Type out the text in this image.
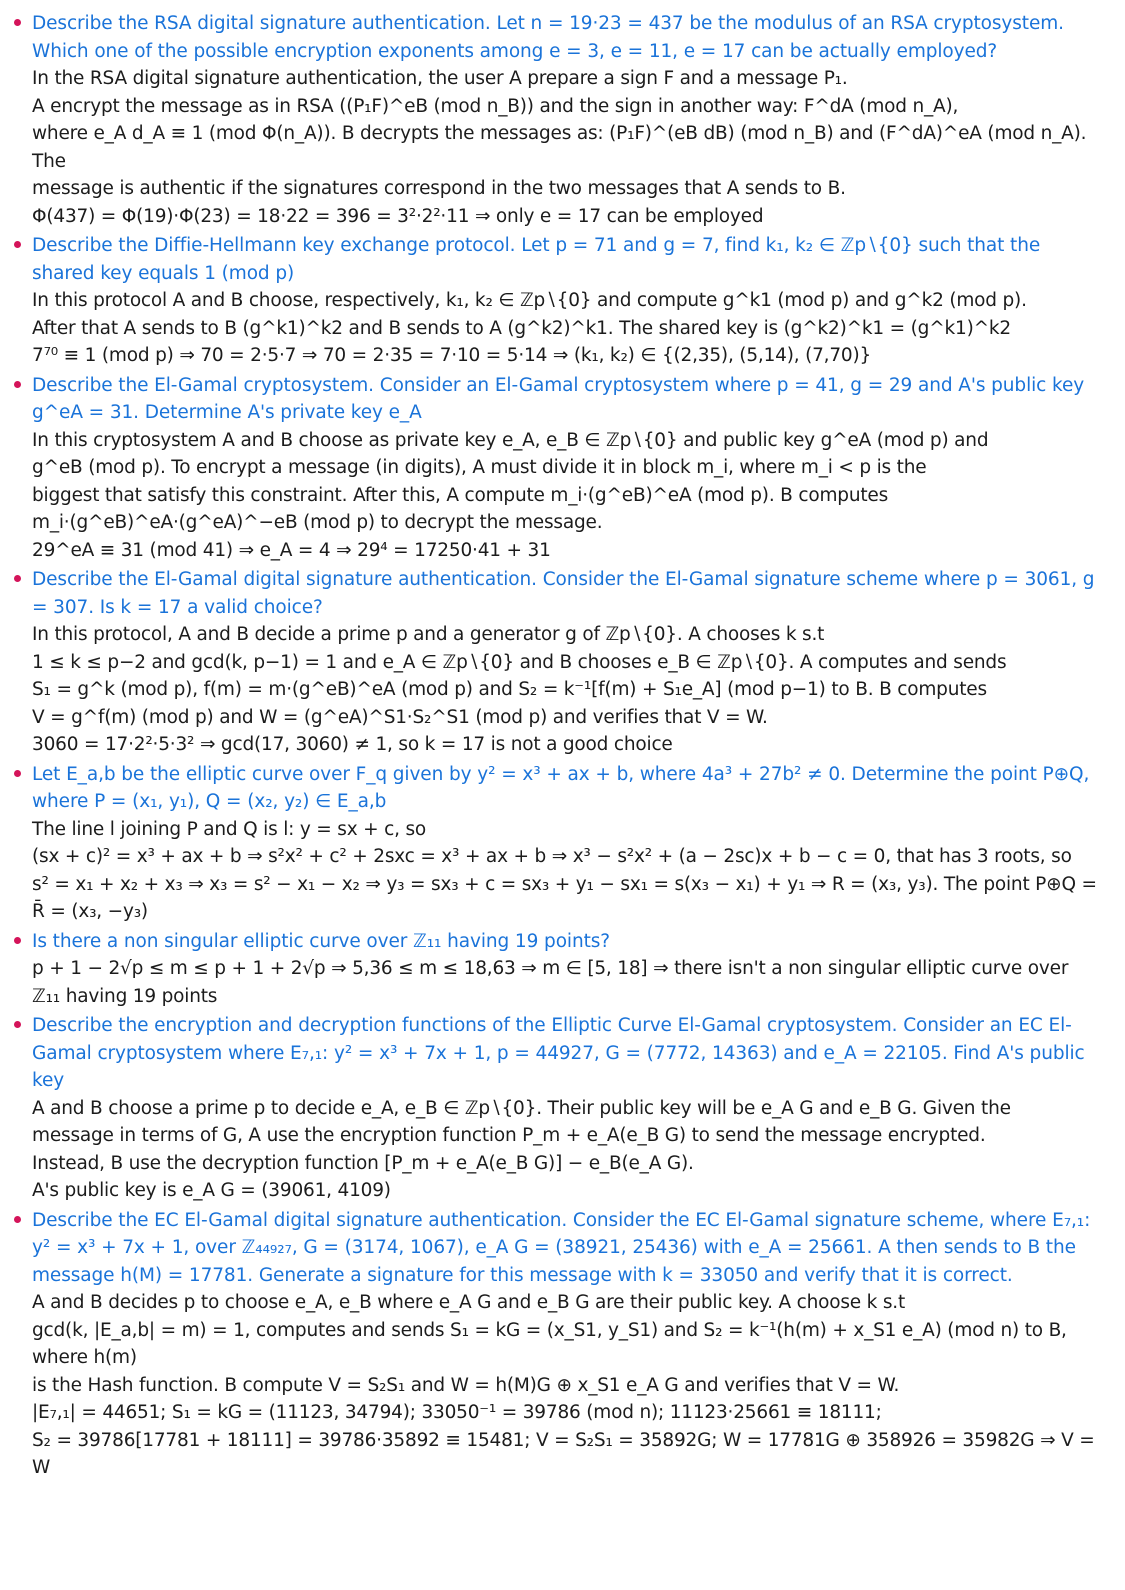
Describe the RSA digital signature authentication. Let n = 19·23 = 437 be the modulus of an RSA cryptosystem. Which one of the possible encryption exponents among e = 3, e = 11, e = 17 can be actually employed?

In the RSA digital signature authentication, the user A prepare a sign F and a message P₁.
A encrypt the message as in RSA ((P₁F)^eB (mod n_B)) and the sign in another way: F^dA (mod n_A),
where e_A d_A ≡ 1 (mod Φ(n_A)). B decrypts the messages as: (P₁F)^(eB dB) (mod n_B) and (F^dA)^eA (mod n_A). The
message is authentic if the signatures correspond in the two messages that A sends to B.
Φ(437) = Φ(19)·Φ(23) = 18·22 = 396 = 3²·2²·11 ⇒ only e = 17 can be employed

Describe the Diffie-Hellmann key exchange protocol. Let p = 71 and g = 7, find k₁, k₂ ∈ ℤp∖{0} such that the shared key equals 1 (mod p)

In this protocol A and B choose, respectively, k₁, k₂ ∈ ℤp∖{0} and compute g^k1 (mod p) and g^k2 (mod p).
After that A sends to B (g^k1)^k2 and B sends to A (g^k2)^k1. The shared key is (g^k2)^k1 = (g^k1)^k2
7⁷⁰ ≡ 1 (mod p) ⇒ 70 = 2·5·7 ⇒ 70 = 2·35 = 7·10 = 5·14 ⇒ (k₁, k₂) ∈ {(2,35), (5,14), (7,70)}

Describe the El-Gamal cryptosystem. Consider an El-Gamal cryptosystem where p = 41, g = 29 and A's public key g^eA = 31. Determine A's private key e_A

In this cryptosystem A and B choose as private key e_A, e_B ∈ ℤp∖{0} and public key g^eA (mod p) and
g^eB (mod p). To encrypt a message (in digits), A must divide it in block m_i, where m_i < p is the
biggest that satisfy this constraint. After this, A compute m_i·(g^eB)^eA (mod p). B computes
m_i·(g^eB)^eA·(g^eA)^−eB (mod p) to decrypt the message.
29^eA ≡ 31 (mod 41) ⇒ e_A = 4 ⇒ 29⁴ = 17250·41 + 31

Describe the El-Gamal digital signature authentication. Consider the El-Gamal signature scheme where p = 3061, g = 307. Is k = 17 a valid choice?

In this protocol, A and B decide a prime p and a generator g of ℤp∖{0}. A chooses k s.t
1 ≤ k ≤ p−2 and gcd(k, p−1) = 1 and e_A ∈ ℤp∖{0} and B chooses e_B ∈ ℤp∖{0}. A computes and sends
S₁ = g^k (mod p), f(m) = m·(g^eB)^eA (mod p) and S₂ = k⁻¹[f(m) + S₁e_A] (mod p−1) to B. B computes
V = g^f(m) (mod p) and W = (g^eA)^S1·S₂^S1 (mod p) and verifies that V = W.
3060 = 17·2²·5·3² ⇒ gcd(17, 3060) ≠ 1, so k = 17 is not a good choice

Let E_a,b be the elliptic curve over F_q given by y² = x³ + ax + b, where 4a³ + 27b² ≠ 0. Determine the point P⊕Q, where P = (x₁, y₁), Q = (x₂, y₂) ∈ E_a,b

The line l joining P and Q is l: y = sx + c, so
(sx + c)² = x³ + ax + b ⇒ s²x² + c² + 2sxc = x³ + ax + b ⇒ x³ − s²x² + (a − 2sc)x + b − c = 0, that has 3 roots, so
s² = x₁ + x₂ + x₃ ⇒ x₃ = s² − x₁ − x₂ ⇒ y₃ = sx₃ + c = sx₃ + y₁ − sx₁ = s(x₃ − x₁) + y₁ ⇒ R = (x₃, y₃). The point P⊕Q = R̄ = (x₃, −y₃)

Is there a non singular elliptic curve over ℤ₁₁ having 19 points?

p + 1 − 2√p ≤ m ≤ p + 1 + 2√p ⇒ 5,36 ≤ m ≤ 18,63 ⇒ m ∈ [5, 18] ⇒ there isn't a non singular elliptic curve over
ℤ₁₁ having 19 points

Describe the encryption and decryption functions of the Elliptic Curve El-Gamal cryptosystem. Consider an EC El-Gamal cryptosystem where E₇,₁: y² = x³ + 7x + 1, p = 44927, G = (7772, 14363) and e_A = 22105. Find A's public key

A and B choose a prime p to decide e_A, e_B ∈ ℤp∖{0}. Their public key will be e_A G and e_B G. Given the
message in terms of G, A use the encryption function P_m + e_A(e_B G) to send the message encrypted.
Instead, B use the decryption function [P_m + e_A(e_B G)] − e_B(e_A G).
A's public key is e_A G = (39061, 4109)

Describe the EC El-Gamal digital signature authentication. Consider the EC El-Gamal signature scheme, where E₇,₁: y² = x³ + 7x + 1, over ℤ₄₄₉₂₇, G = (3174, 1067), e_A G = (38921, 25436) with e_A = 25661. A then sends to B the message h(M) = 17781. Generate a signature for this message with k = 33050 and verify that it is correct.

A and B decides p to choose e_A, e_B where e_A G and e_B G are their public key. A choose k s.t
gcd(k, |E_a,b| = m) = 1, computes and sends S₁ = kG = (x_S1, y_S1) and S₂ = k⁻¹(h(m) + x_S1 e_A) (mod n) to B, where h(m)
is the Hash function. B compute V = S₂S₁ and W = h(M)G ⊕ x_S1 e_A G and verifies that V = W.
|E₇,₁| = 44651; S₁ = kG = (11123, 34794); 33050⁻¹ = 39786 (mod n); 11123·25661 ≡ 18111;
S₂ = 39786[17781 + 18111] = 39786·35892 ≡ 15481; V = S₂S₁ = 35892G; W = 17781G ⊕ 358926 = 35982G ⇒ V = W
